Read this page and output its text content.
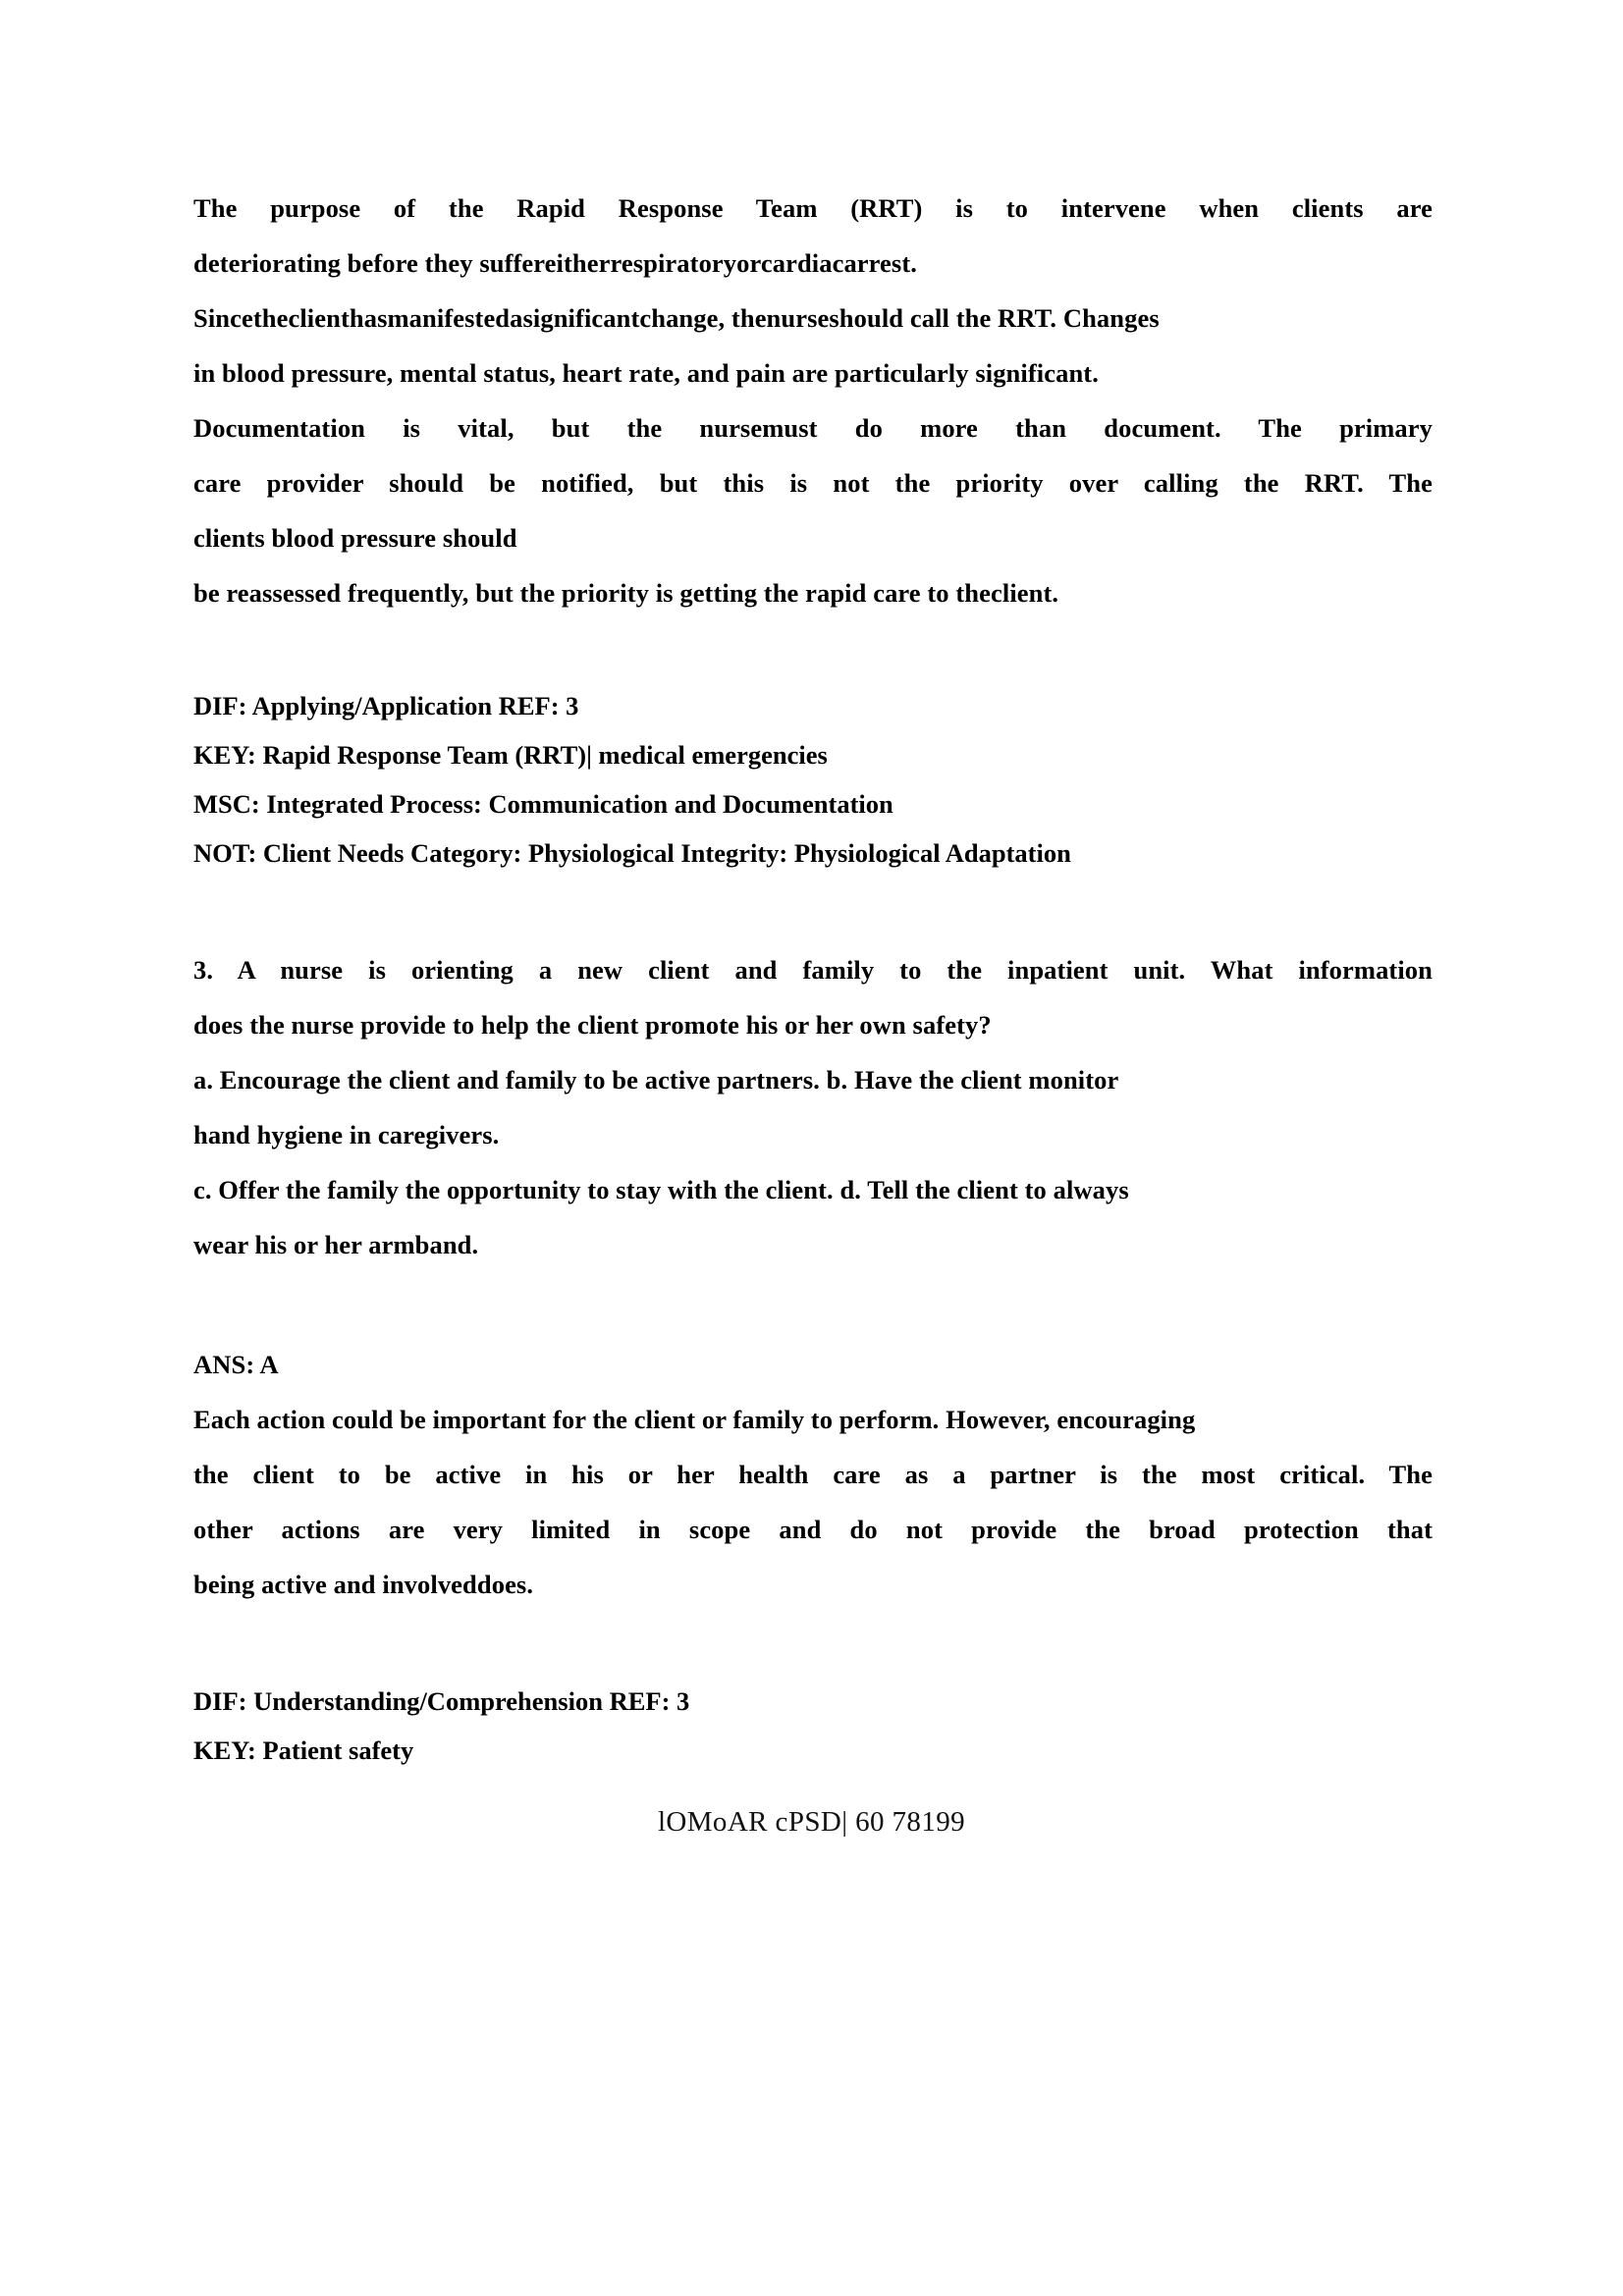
The purpose of the Rapid Response Team (RRT) is to intervene when clients are
deteriorating before they suffereitherrespiratoryorcardiacarrest.
Sincetheclienthasmanifestedasignificantchange, thenurseshould call the RRT. Changes
in blood pressure, mental status, heart rate, and pain are particularly significant.
Documentation is vital, but the nursemust do more than document. The primary
care provider should be notified, but this is not the priority over calling the RRT. The
clients blood pressure should
be reassessed frequently, but the priority is getting the rapid care to theclient.

DIF: Applying/Application REF: 3

KEY: Rapid Response Team (RRT)| medical emergencies

MSC: Integrated Process: Communication and Documentation

NOT: Client Needs Category: Physiological Integrity: Physiological Adaptation

3. A nurse is orienting a new client and family to the inpatient unit. What information
does the nurse provide to help the client promote his or her own safety?
a. Encourage the client and family to be active partners. b. Have the client monitor
hand hygiene in caregivers.
c. Offer the family the opportunity to stay with the client. d. Tell the client to always
wear his or her armband.
ANS: A
Each action could be important for the client or family to perform. However, encouraging
the client to be active in his or her health care as a partner is the most critical. The
other actions are very limited in scope and do not provide the broad protection that
being active and involveddoes.

DIF: Understanding/Comprehension REF: 3

KEY: Patient safety

lOMoAR cPSD| 60 78199
